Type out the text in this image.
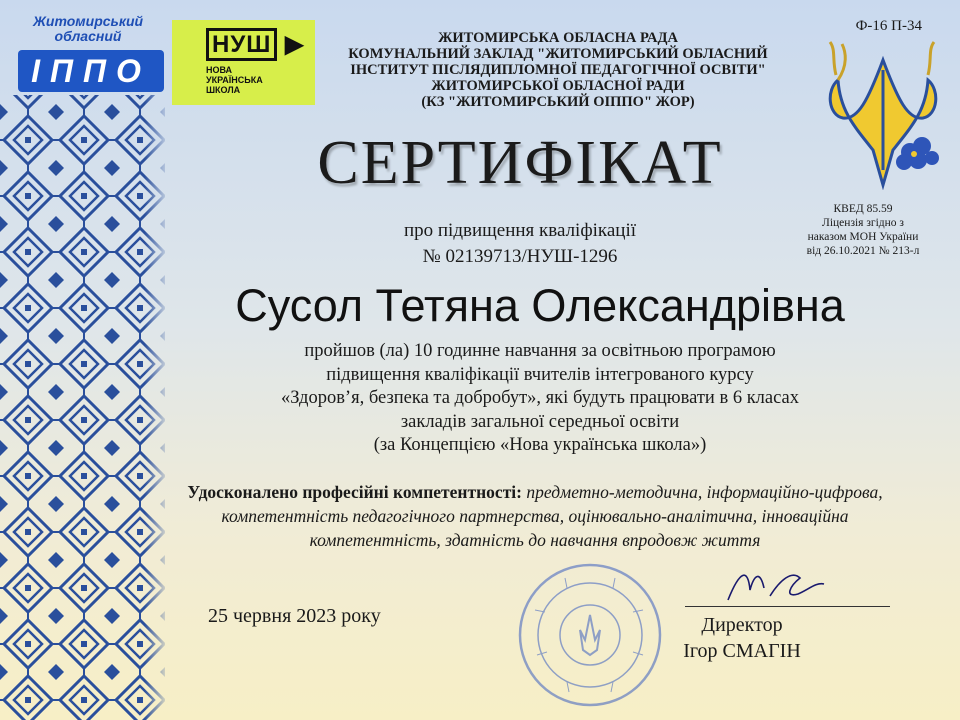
Житомирський обласний
ІППО
НУШ ▶
НОВА
УКРАЇНСЬКА
ШКОЛА
ЖИТОМИРСЬКА ОБЛАСНА РАДА
КОМУНАЛЬНИЙ ЗАКЛАД "ЖИТОМИРСЬКИЙ ОБЛАСНИЙ
ІНСТИТУТ ПІСЛЯДИПЛОМНОЇ ПЕДАГОГІЧНОЇ ОСВІТИ"
ЖИТОМИРСЬКОЇ ОБЛАСНОЇ РАДИ
(КЗ "ЖИТОМИРСЬКИЙ ОІППО" ЖОР)
Ф-16 П-34
КВЕД 85.59
Ліцензія згідно з
наказом МОН України
від 26.10.2021 № 213-л
СЕРТИФІКАТ
про підвищення кваліфікації
№ 02139713/НУШ-1296
Сусол Тетяна Олександрівна
пройшов (ла) 10 годинне навчання за освітньою програмою
підвищення кваліфікації вчителів інтегрованого курсу
«Здоров’я, безпека та добробут», які будуть працювати в 6 класах
закладів загальної середньої освіти
(за Концепцією «Нова українська школа»)
Удосконалено професійні компетентності: предметно-методична, інформаційно-цифрова, компетентність педагогічного партнерства, оцінювально-аналітична, інноваційна компетентність, здатність до навчання впродовж життя
25 червня 2023 року	Директор
Ігор СМАГІН
